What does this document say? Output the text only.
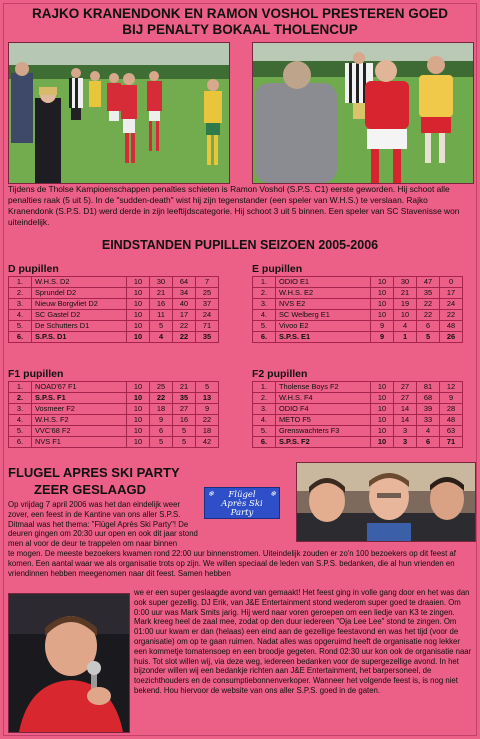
RAJKO KRANENDONK EN RAMON VOSHOL PRESTEREN GOED
BIJ PENALTY BOKAAL THOLENCUP
Tijdens de Tholse Kampioenschappen penalties schieten is Ramon Voshol (S.P.S. C1) eerste geworden. Hij schoot alle penalties raak (5 uit 5). In de "sudden-death" wist hij zijn tegenstander (een speler van W.H.S.) te verslaan. Rajko Kranendonk (S.P.S. D1) werd derde in zijn leeftijdscategorie. Hij schoot 3 uit 5 binnen. Een speler van SC Stavenisse won uiteindelijk.
EINDSTANDEN PUPILLEN SEIZOEN 2005-2006
D pupillen
1.	W.H.S. D2	10	30	64	7
2.	Sprundel D2	10	21	34	25
3.	Nieuw Borgvliet D2	10	16	40	37
4.	SC Gastel D2	10	11	17	24
5.	De Schutters D1	10	5	22	71
6.	S.P.S. D1	10	4	22	35
E pupillen
1.	ODIO E1	10	30	47	0
2.	W.H.S. E2	10	21	35	17
3.	NVS E2	10	19	22	24
4.	SC Welberg E1	10	10	22	22
5.	Vivoo E2	9	4	6	48
6.	S.P.S. E1	9	1	5	26
F1 pupillen
1.	NOAD'67 F1	10	25	21	5
2.	S.P.S. F1	10	22	35	13
3.	Vosmeer F2	10	18	27	9
4.	W.H.S. F2	10	9	16	22
5.	VVC'68 F2	10	6	5	18
6.	NVS F1	10	5	5	42
F2 pupillen
1.	Tholense Boys F2	10	27	81	12
2.	W.H.S. F4	10	27	68	9
3.	ODIO F4	10	14	39	28
4.	METO F5	10	14	33	48
5.	Grenswachters F3	10	3	4	63
6.	S.P.S. F2	10	3	6	71
FLUGEL APRES SKI PARTY
ZEER GESLAAGD	Flügel
Après Ski
Party
❄	❄
Op vrijdag 7 april 2006 was het dan eindelijk weer zover, een feest in de Kantine van ons aller S.P.S. Ditmaal was het thema: "Flügel Après Ski Party"! De deuren gingen om 20:30 uur open en ook dit jaar stond men al voor de deur te trappelen om naar binnen
te mogen. De meeste bezoekers kwamen rond 22:00 uur binnenstromen. Uiteindelijk zouden er zo'n 100 bezoekers op dit feest af komen. Een aantal waar we als organisatie trots op zijn. We willen speciaal de leden van S.P.S. bedanken, die al hun vrienden en vriendinnen hebben meegenomen naar dit feest. Samen hebben
we er een super geslaagde avond van gemaakt! Het feest ging in volle gang door en het was dan ook super gezellig. DJ Erik, van J&E Entertainment stond wederom super goed te draaien. Om 0:00 uur was Mark Smits jarig. Hij werd naar voren geroepen om een liedje van K3 te zingen. Mark kreeg heel de zaal mee, zodat op den duur iedereen "Oja Lee Lee" stond te zingen. Om 01:00 uur kwam er dan (helaas) een eind aan de gezellige feestavond en was het tijd (voor de organisatie) om op te gaan ruimen. Nadat alles was opgeruimd heeft de organisatie nog lekker een kommetje tomatensoep en een broodje gegeten. Rond 02:30 uur kon ook de organisatie naar huis. Tot slot willen wij, via deze weg, iedereen bedanken voor de supergezellige avond. In het bijzonder willen wij een bedankje richten aan J&E Entertainment, het barpersoneel, de toezichthouders en de consumptiebonnenverkoper. Wanneer het volgende feest is, is nog niet bekend. Hou hiervoor de website van ons aller S.P.S. goed in de gaten.
